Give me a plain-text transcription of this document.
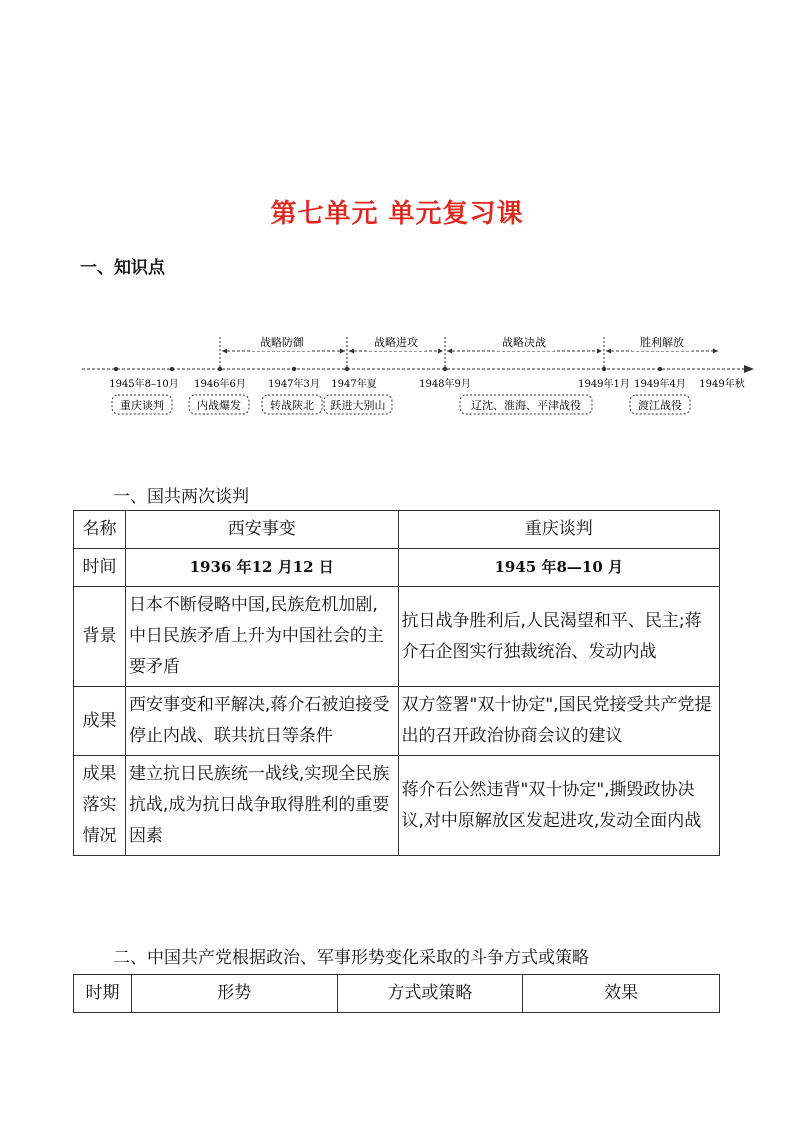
第七单元 单元复习课
一、知识点
战略防御	战略进攻	战略决战	胜利解放
1945年8–10月 1946年6月 1947年3月 1947年夏	1948年9月	1949年1月 1949年4月 1949年秋
重庆谈判	内战爆发	转战陕北 跃进大别山	辽沈、淮海、平津战役	渡江战役
一、国共两次谈判
名称	西安事变	重庆谈判
时间	1936 年12 月12 日	1945 年8—10 月
背景	日本不断侵略中国,民族危机加剧,中日民族矛盾上升为中国社会的主要矛盾	抗日战争胜利后,人民渴望和平、民主;蒋介石企图实行独裁统治、发动内战
成果	西安事变和平解决,蒋介石被迫接受停止内战、联共抗日等条件	双方签署"双十协定",国民党接受共产党提出的召开政治协商会议的建议
成果落实情况	建立抗日民族统一战线,实现全民族抗战,成为抗日战争取得胜利的重要因素	蒋介石公然违背"双十协定",撕毁政协决议,对中原解放区发起进攻,发动全面内战
二、中国共产党根据政治、军事形势变化采取的斗争方式或策略
时期	形势	方式或策略	效果
